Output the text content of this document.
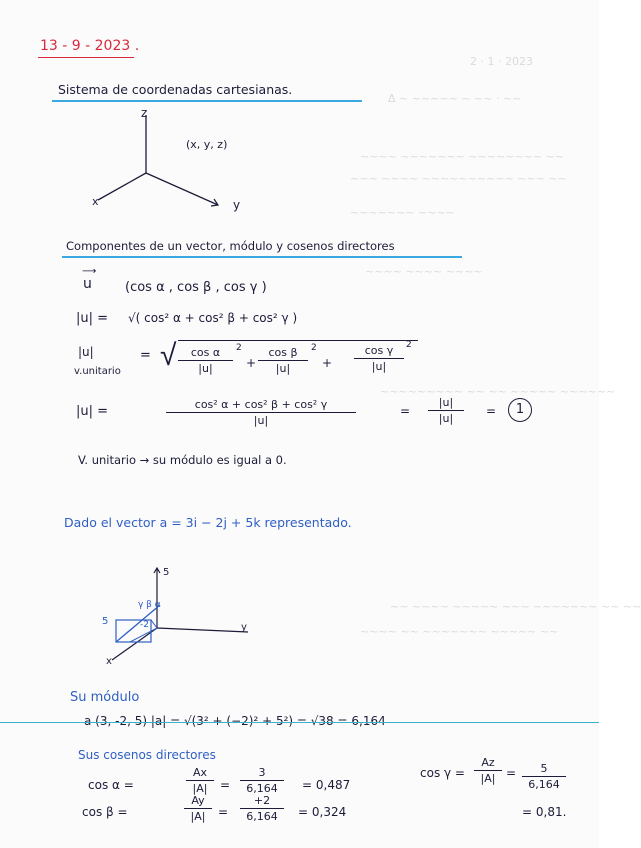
2 · 1 · 2023
Δ ~ ~~~~~ ~ ~~ · ~~
~~~~ ~~~~~~~ ~~~~~~~~ ~~
~~~ ~~~~ ~~~~~~~~~~ ~~~ ~~
~~~~~~~ ~~~~
~~~~ ~~~~ ~~~~
~~~~~~~~~ ~~ ~~ ~~~~~ ~~~~~~
~~ ~~~~ ~~~~~ ~~~ ~~~~~~~ ~~ ~~
~~~~ ~~ ~~~~~~~ ~~~~~ ~~
13 - 9 - 2023 .
Sistema de coordenadas cartesianas.
z
x	y
(x, y, z)
Componentes de un vector, módulo y cosenos directores
u
⟶
(cos α , cos β , cos γ )
|u| = √( cos² α + cos² β + cos² γ )
|u|
v.unitario
= √	cos α
|u|
2
+
cos β
|u|
2
+
cos γ
|u|
2
|u| =	cos² α + cos² β + cos² γ
|u|
=
|u|
|u|
=	1
V. unitario → su módulo es igual a 0.
Dado el vector a = 3i − 2j + 5k representado.
5
y
x
5	-2
γ β α
Su módulo
a (3, -2, 5) |a| = √(3² + (−2)² + 5²) = √38 = 6,164
Sus cosenos directores
cos α =
Ax
|A|	=
3
6,164	= 0,487
cos β =
Ay
|A|	=
+2
6,164	= 0,324
cos γ =
Az
|A| =	5
6,164
= 0,81.
